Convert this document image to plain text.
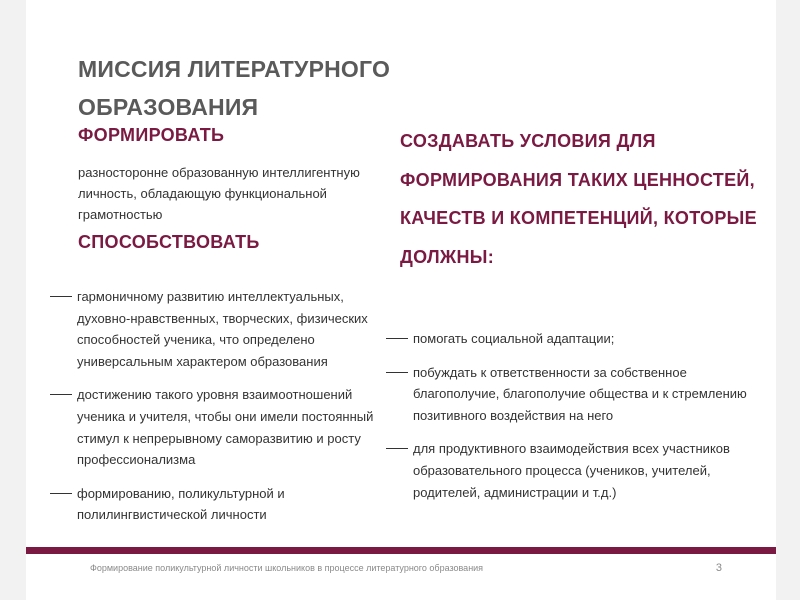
МИССИЯ ЛИТЕРАТУРНОГО ОБРАЗОВАНИЯ
ФОРМИРОВАТЬ
разносторонне образованную интеллигентную личность, обладающую функциональной грамотностью
СПОСОБСТВОВАТЬ
гармоничному развитию интеллектуальных, духовно-нравственных, творческих, физических способностей ученика, что определено универсальным характером образования
достижению такого уровня взаимоотношений ученика и учителя, чтобы они имели постоянный стимул к непрерывному саморазвитию и росту профессионализма
формированию, поликультурной и полилингвистической личности
СОЗДАВАТЬ УСЛОВИЯ ДЛЯ ФОРМИРОВАНИЯ ТАКИХ ЦЕННОСТЕЙ, КАЧЕСТВ И КОМПЕТЕНЦИЙ, КОТОРЫЕ ДОЛЖНЫ:
помогать социальной адаптации;
побуждать к ответственности за собственное благополучие, благополучие общества и к стремлению позитивного воздействия на него
для продуктивного взаимодействия всех участников образовательного процесса (учеников, учителей, родителей, администрации и т.д.)
Формирование поликультурной личности школьников в процессе литературного образования	3
